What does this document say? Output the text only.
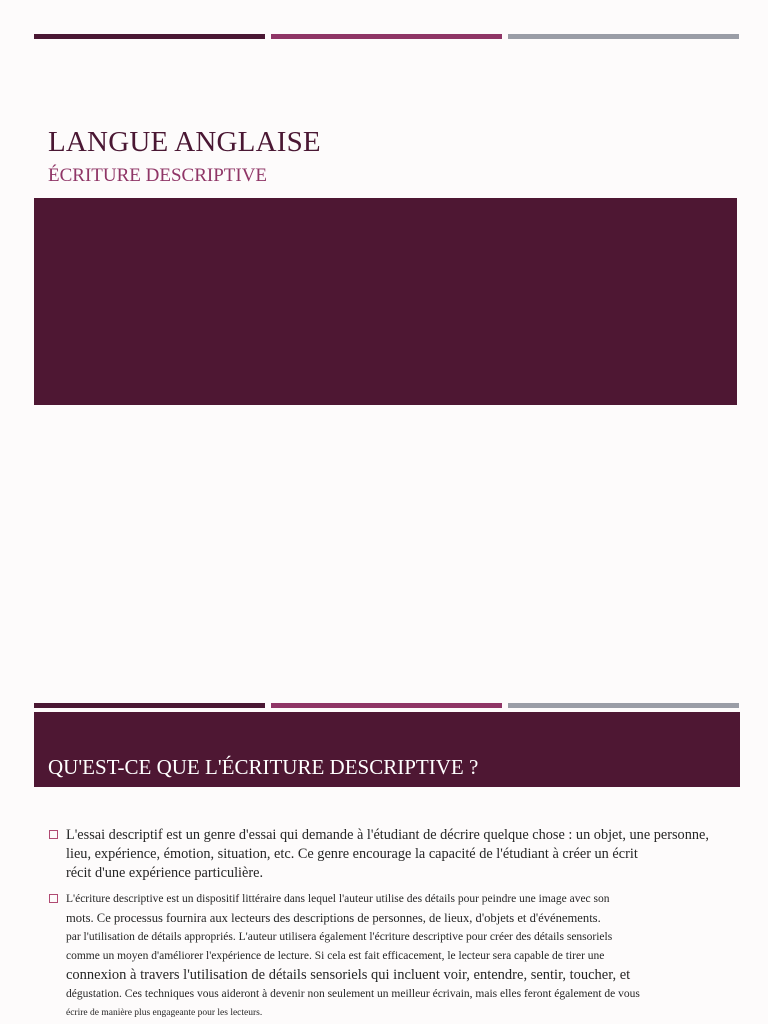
LANGUE ANGLAISE
ÉCRITURE DESCRIPTIVE
QU'EST-CE QUE L'ÉCRITURE DESCRIPTIVE ?
L'essai descriptif est un genre d'essai qui demande à l'étudiant de décrire quelque chose : un objet, une personne,
lieu, expérience, émotion, situation, etc. Ce genre encourage la capacité de l'étudiant à créer un écrit
récit d'une expérience particulière.
L'écriture descriptive est un dispositif littéraire dans lequel l'auteur utilise des détails pour peindre une image avec son
mots. Ce processus fournira aux lecteurs des descriptions de personnes, de lieux, d'objets et d'événements.
par l'utilisation de détails appropriés. L'auteur utilisera également l'écriture descriptive pour créer des détails sensoriels
comme un moyen d'améliorer l'expérience de lecture. Si cela est fait efficacement, le lecteur sera capable de tirer une
connexion à travers l'utilisation de détails sensoriels qui incluent voir, entendre, sentir, toucher, et
dégustation. Ces techniques vous aideront à devenir non seulement un meilleur écrivain, mais elles feront également de vous
écrire de manière plus engageante pour les lecteurs.
